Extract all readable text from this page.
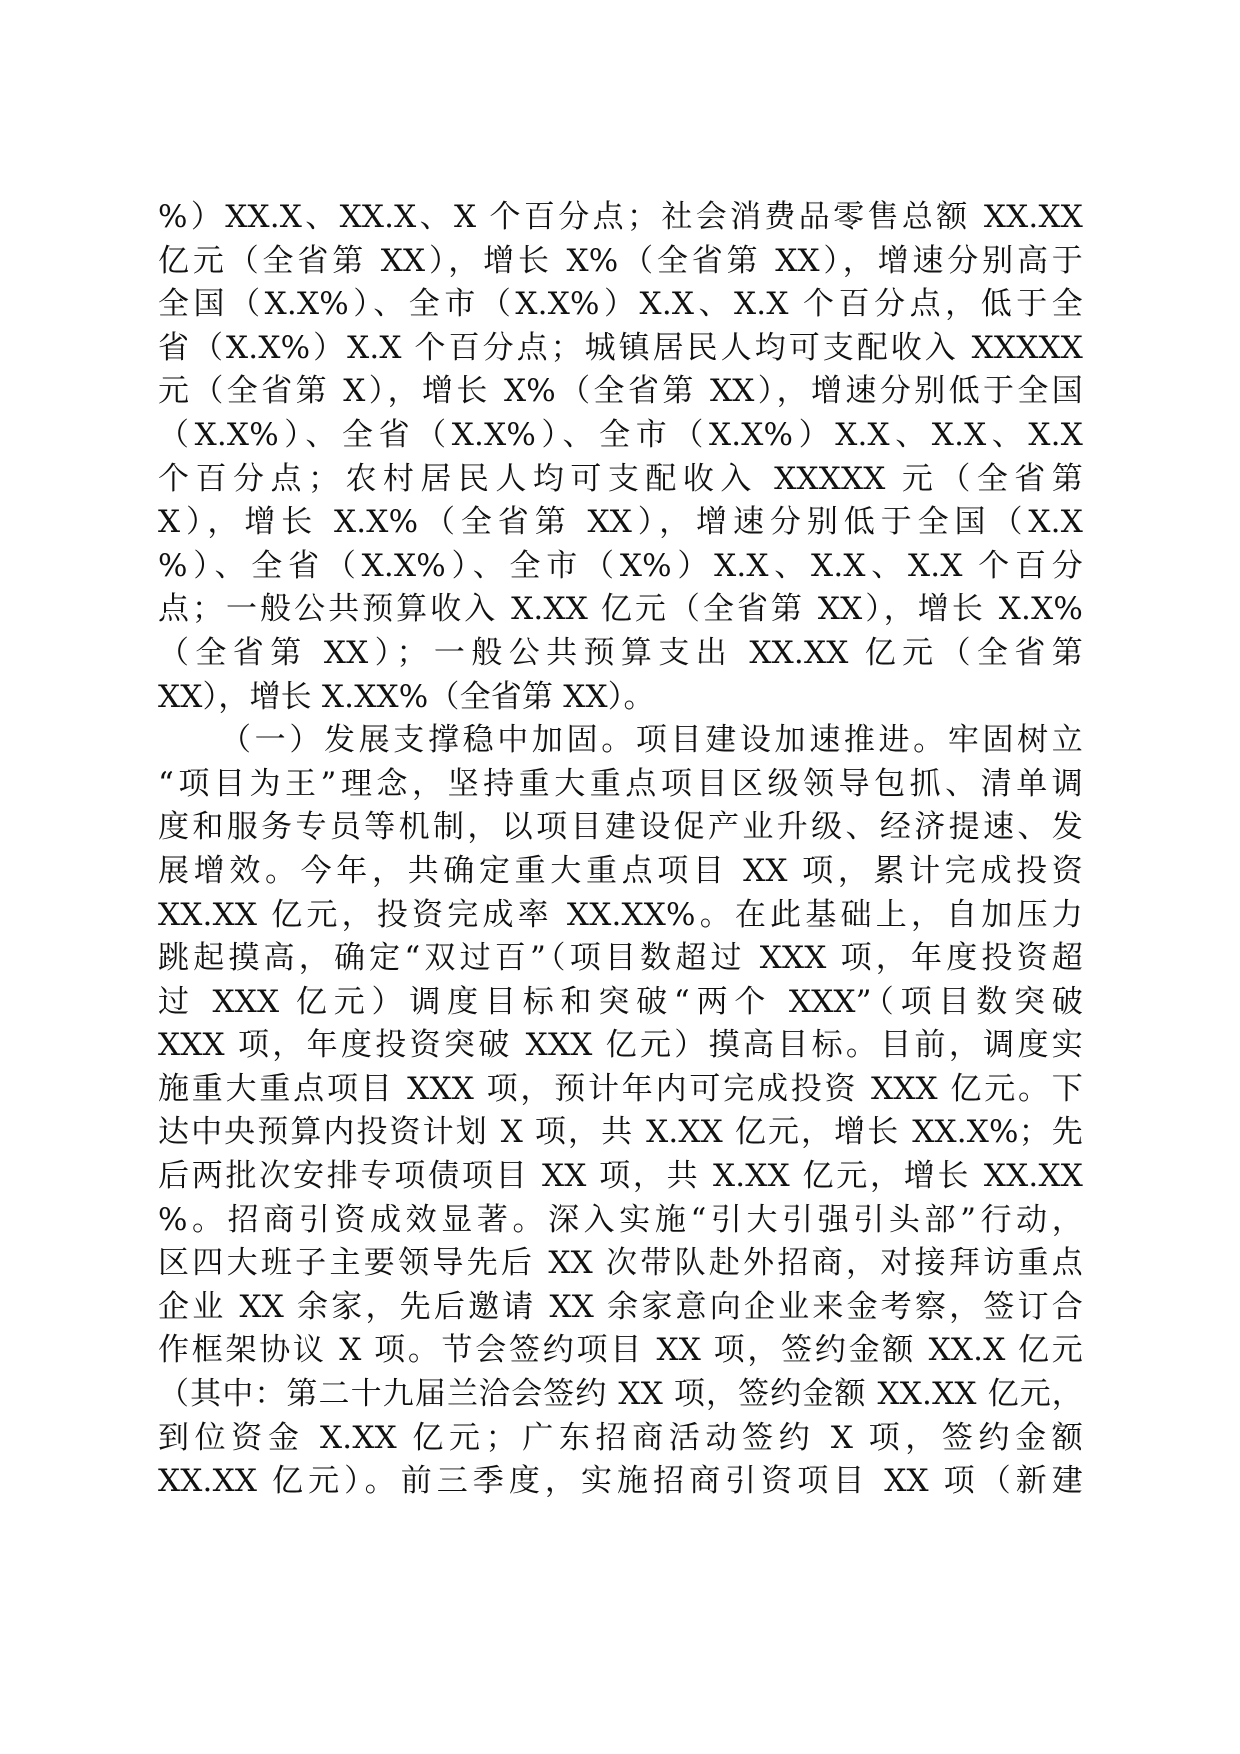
%）XX.X、XX.X、X 个百分点；社会消费品零售总额 XX.XX
亿元（全省第 XX），增长 X%（全省第 XX），增速分别高于
全国（X.X%）、全市（X.X%）X.X、X.X 个百分点，低于全
省（X.X%）X.X 个百分点；城镇居民人均可支配收入 XXXXX
元（全省第 X），增长 X%（全省第 XX），增速分别低于全国
（X.X%）、全省（X.X%）、全市（X.X%）X.X、X.X、X.X
个百分点；农村居民人均可支配收入 XXXXX 元（全省第
X），增长 X.X%（全省第 XX），增速分别低于全国（X.X
%）、全省（X.X%）、全市（X%）X.X、X.X、X.X 个百分
点；一般公共预算收入 X.XX 亿元（全省第 XX），增长 X.X%
（全省第 XX）；一般公共预算支出 XX.XX 亿元（全省第
XX），增长 X.XX%（全省第 XX）。
（一）发展支撑稳中加固。项目建设加速推进。牢固树立
“项目为王”理念，坚持重大重点项目区级领导包抓、清单调
度和服务专员等机制，以项目建设促产业升级、经济提速、发
展增效。今年，共确定重大重点项目 XX 项，累计完成投资
XX.XX 亿元，投资完成率 XX.XX%。在此基础上，自加压力
跳起摸高，确定“双过百”（项目数超过 XXX 项，年度投资超
过 XXX 亿元）调度目标和突破“两个 XXX”（项目数突破
XXX 项，年度投资突破 XXX 亿元）摸高目标。目前，调度实
施重大重点项目 XXX 项，预计年内可完成投资 XXX 亿元。下
达中央预算内投资计划 X 项，共 X.XX 亿元，增长 XX.X%；先
后两批次安排专项债项目 XX 项，共 X.XX 亿元，增长 XX.XX
%。招商引资成效显著。深入实施“引大引强引头部”行动，
区四大班子主要领导先后 XX 次带队赴外招商，对接拜访重点
企业 XX 余家，先后邀请 XX 余家意向企业来金考察，签订合
作框架协议 X 项。节会签约项目 XX 项，签约金额 XX.X 亿元
（其中：第二十九届兰洽会签约 XX 项，签约金额 XX.XX 亿元，
到位资金 X.XX 亿元；广东招商活动签约 X 项，签约金额
XX.XX 亿元）。前三季度，实施招商引资项目 XX 项（新建
